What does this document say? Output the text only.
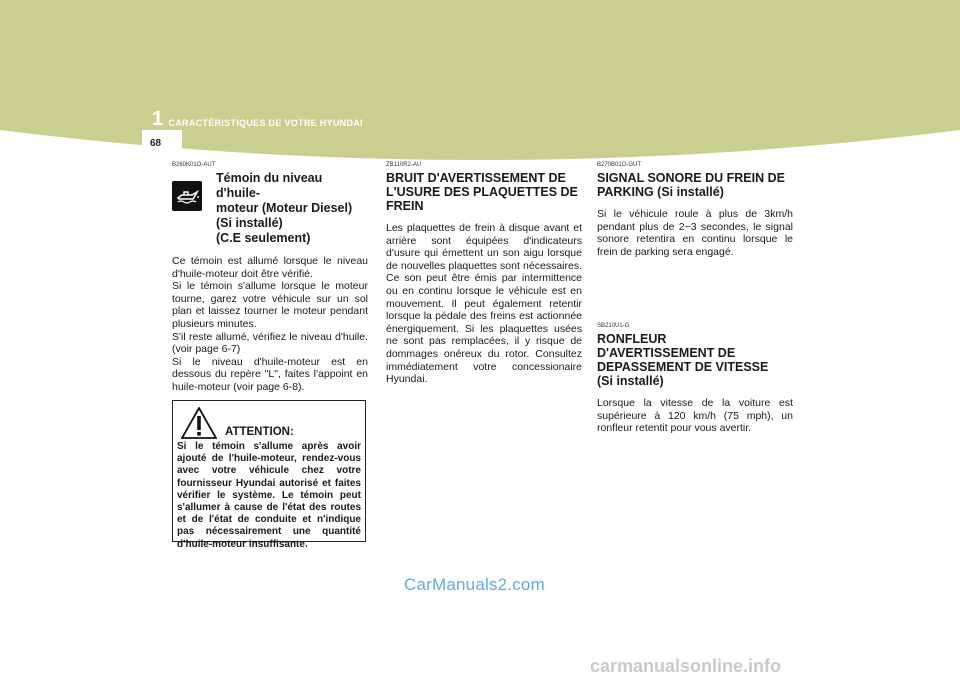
1 CARACTÉRISTIQUES DE VOTRE HYUNDAI
68
B260K01O-AUT
Témoin du niveau d'huile-
moteur (Moteur Diesel)
(Si installé)
(C.E seulement)

Ce témoin est allumé lorsque le niveau d'huile-moteur doit être vérifié.
Si le témoin s'allume lorsque le moteur tourne, garez votre véhicule sur un sol plan et laissez tourner le moteur pendant plusieurs minutes.
S'il reste allumé, vérifiez le niveau d'huile. (voir page 6-7)
Si le niveau d'huile-moteur est en dessous du repère "L", faites l'appoint en huile-moteur (voir page 6-8).

ATTENTION:
Si le témoin s'allume après avoir ajouté de l'huile-moteur, rendez-vous avec votre véhicule chez votre fournisseur Hyundai autorisé et faites vérifier le système. Le témoin peut s'allumer à cause de l'état des routes et de l'état de conduite et n'indique pas nécessairement une quantité d'huile-moteur insuffisante.
ZB110R2-AU
BRUIT D'AVERTISSEMENT DE L'USURE DES PLAQUETTES DE FREIN

Les plaquettes de frein à disque avant et arrière sont équipées d'indicateurs d'usure qui émettent un son aigu lorsque de nouvelles plaquettes sont nécessaires. Ce son peut être émis par intermittence ou en continu lorsque le véhicule est en mouvement. Il peut également retentir lorsque la pédale des freins est actionnée énergiquement. Si les plaquettes usées ne sont pas remplacées, il y risque de dommages onéreux du rotor. Consultez immédiatement votre concessionaire Hyundai.

B270B01O-GUT
SIGNAL SONORE DU FREIN DE PARKING (Si installé)

Si le véhicule roule à plus de 3km/h pendant plus de 2~3 secondes, le signal sonore retentira en continu lorsque le frein de parking sera engagé.

SB210U1-G
RONFLEUR
D'AVERTISSEMENT DE
DEPASSEMENT DE VITESSE
(Si installé)

Lorsque la vitesse de la voiture est supérieure à 120 km/h (75 mph), un ronfleur retentit pour vous avertir.

CarManuals2.com
carmanualsonline.info
